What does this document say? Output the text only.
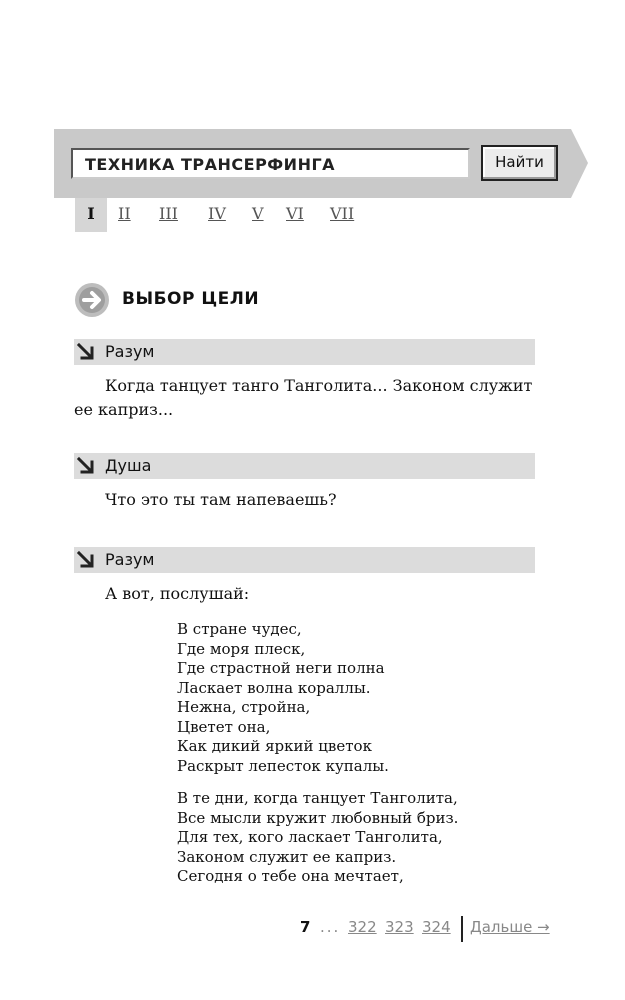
ТЕХНИКА ТРАНСЕРФИНГА	Найти
I	II III IV V VI VII
ВЫБОР ЦЕЛИ
Разум

Когда танцует танго Танголита... Законом служит ее каприз...

Душа

Что это ты там напеваешь?

Разум

А вот, послушай:

В стране чудес,
Где моря плеск,
Где страстной неги полна
Ласкает волна кораллы.
Нежна, стройна,
Цветет она,
Как дикий яркий цветок
Раскрыт лепесток купалы.
В те дни, когда танцует Танголита,
Все мысли кружит любовный бриз.
Для тех, кого ласкает Танголита,
Законом служит ее каприз.
Сегодня о тебе она мечтает,
7 ... 322 323 324 Дальше →
